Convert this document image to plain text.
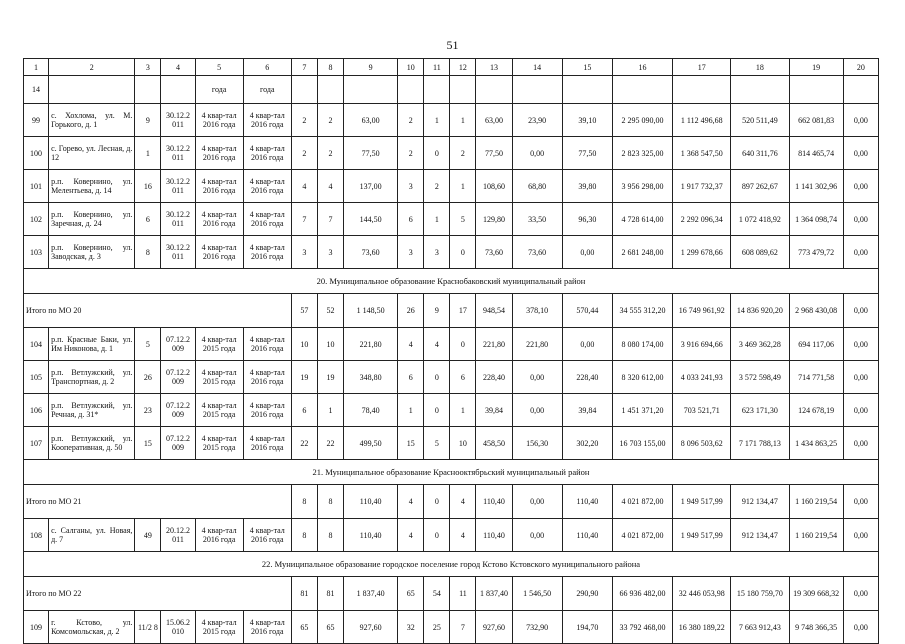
51
1	2	3	4	5	6	7	8	9	10	11	12	13	14	15	16	17	18	19	20
14				года	года														
99	с. Хохлома, ул. М. Горького, д. 1	9	30.12.2 011	4 квар-тал 2016 года	4 квар-тал 2016 года	2	2	63,00	2	1	1	63,00	23,90	39,10	2 295 090,00	1 112 496,68	520 511,49	662 081,83	0,00
100	с. Горево, ул. Лесная, д. 12	1	30.12.2 011	4 квар-тал 2016 года	4 квар-тал 2016 года	2	2	77,50	2	0	2	77,50	0,00	77,50	2 823 325,00	1 368 547,50	640 311,76	814 465,74	0,00
101	р.п. Ковернино, ул. Мелентьева, д. 14	16	30.12.2 011	4 квар-тал 2016 года	4 квар-тал 2016 года	4	4	137,00	3	2	1	108,60	68,80	39,80	3 956 298,00	1 917 732,37	897 262,67	1 141 302,96	0,00
102	р.п. Ковернино, ул. Заречная, д. 24	6	30.12.2 011	4 квар-тал 2016 года	4 квар-тал 2016 года	7	7	144,50	6	1	5	129,80	33,50	96,30	4 728 614,00	2 292 096,34	1 072 418,92	1 364 098,74	0,00
103	р.п. Ковернино, ул. Заводская, д. 3	8	30.12.2 011	4 квар-тал 2016 года	4 квар-тал 2016 года	3	3	73,60	3	3	0	73,60	73,60	0,00	2 681 248,00	1 299 678,66	608 089,62	773 479,72	0,00
20. Муниципальное образование Краснобаковский муниципальный район																			
Итого по МО 20						57	52	1 148,50	26	9	17	948,54	378,10	570,44	34 555 312,20	16 749 961,92	14 836 920,20	2 968 430,08	0,00
104	р.п. Красные Баки, ул. Им Никонова, д. 1	5	07.12.2 009	4 квар-тал 2015 года	4 квар-тал 2016 года	10	10	221,80	4	4	0	221,80	221,80	0,00	8 080 174,00	3 916 694,66	3 469 362,28	694 117,06	0,00
105	р.п. Ветлужский, ул. Транспортная, д. 2	26	07.12.2 009	4 квар-тал 2015 года	4 квар-тал 2016 года	19	19	348,80	6	0	6	228,40	0,00	228,40	8 320 612,00	4 033 241,93	3 572 598,49	714 771,58	0,00
106	р.п. Ветлужский, ул. Речная, д. 31*	23	07.12.2 009	4 квар-тал 2015 года	4 квар-тал 2016 года	6	1	78,40	1	0	1	39,84	0,00	39,84	1 451 371,20	703 521,71	623 171,30	124 678,19	0,00
107	р.п. Ветлужский, ул. Кооперативная, д. 50	15	07.12.2 009	4 квар-тал 2015 года	4 квар-тал 2016 года	22	22	499,50	15	5	10	458,50	156,30	302,20	16 703 155,00	8 096 503,62	7 171 788,13	1 434 863,25	0,00
21. Муниципальное образование Краснооктябрьский муниципальный район																			
Итого по МО 21						8	8	110,40	4	0	4	110,40	0,00	110,40	4 021 872,00	1 949 517,99	912 134,47	1 160 219,54	0,00
108	с. Салганы, ул. Новая, д. 7	49	20.12.2 011	4 квар-тал 2016 года	4 квар-тал 2016 года	8	8	110,40	4	0	4	110,40	0,00	110,40	4 021 872,00	1 949 517,99	912 134,47	1 160 219,54	0,00
22. Муниципальное образование городское поселение город Кстово Кстовского муниципального района																			
Итого по МО 22						81	81	1 837,40	65	54	11	1 837,40	1 546,50	290,90	66 936 482,00	32 446 053,98	15 180 759,70	19 309 668,32	0,00
109	г. Кстово, ул. Комсомольская, д. 2	11/2 8	15.06.2 010	4 квар-тал 2015 года	4 квар-тал 2016 года	65	65	927,60	32	25	7	927,60	732,90	194,70	33 792 468,00	16 380 189,22	7 663 912,43	9 748 366,35	0,00
